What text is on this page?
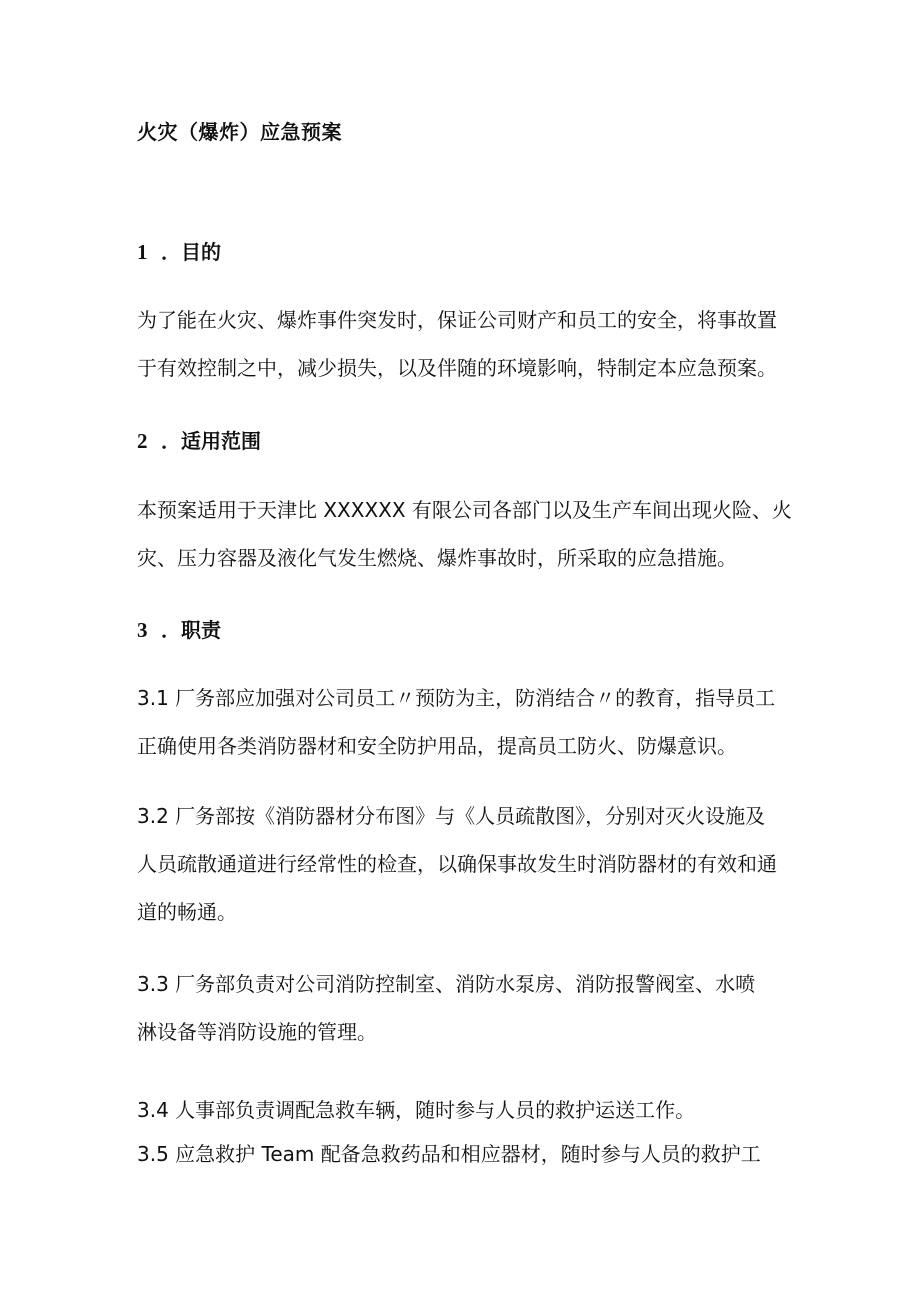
火灾（爆炸）应急预案
1 ．目的
为了能在火灾、爆炸事件突发时，保证公司财产和员工的安全，将事故置
于有效控制之中，减少损失，以及伴随的环境影响，特制定本应急预案。
2 ．适用范围
本预案适用于天津比 XXXXXX 有限公司各部门以及生产车间出现火险、火
灾、压力容器及液化气发生燃烧、爆炸事故时，所采取的应急措施。
3 ．职责
3.1 厂务部应加强对公司员工〃预防为主，防消结合〃的教育，指导员工
正确使用各类消防器材和安全防护用品，提高员工防火、防爆意识。
3.2 厂务部按《消防器材分布图》与《人员疏散图》，分别对灭火设施及
人员疏散通道进行经常性的检查，以确保事故发生时消防器材的有效和通
道的畅通。
3.3 厂务部负责对公司消防控制室、消防水泵房、消防报警阀室、水喷
淋设备等消防设施的管理。
3.4 人事部负责调配急救车辆，随时参与人员的救护运送工作。
3.5 应急救护 Team 配备急救药品和相应器材，随时参与人员的救护工
